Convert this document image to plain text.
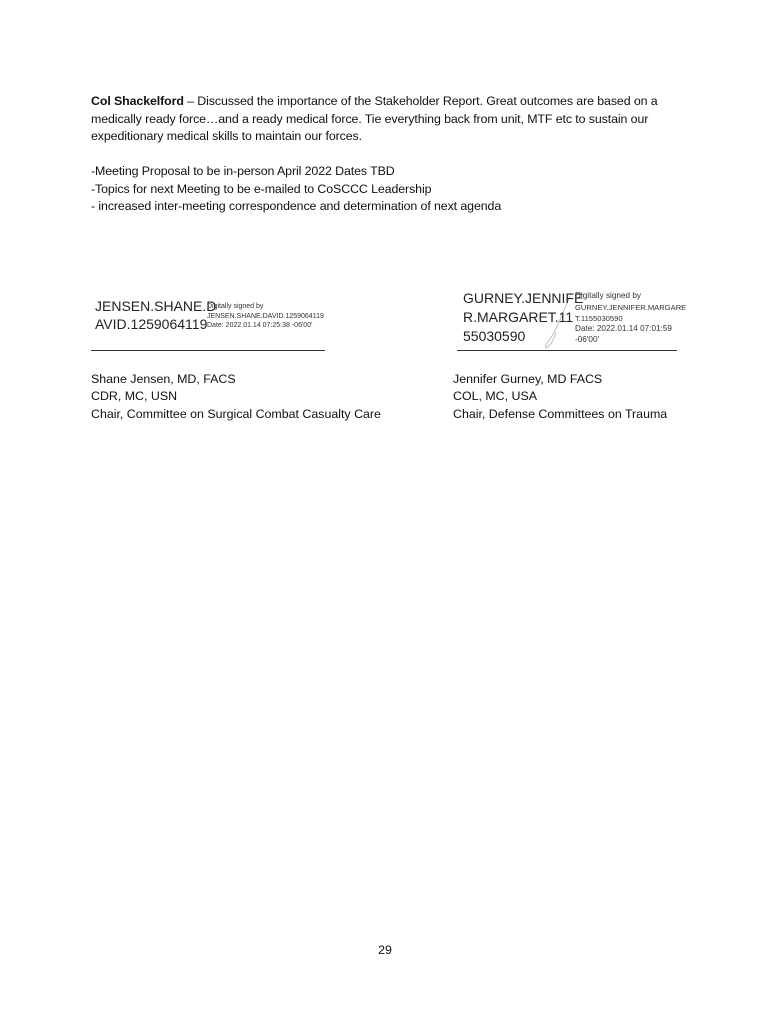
Col Shackelford – Discussed the importance of the Stakeholder Report. Great outcomes are based on a medically ready force…and a ready medical force. Tie everything back from unit, MTF etc to sustain our expeditionary medical skills to maintain our forces.
-Meeting Proposal to be in-person April 2022 Dates TBD
-Topics for next Meeting to be e-mailed to CoSCCC Leadership
- increased inter-meeting correspondence and determination of next agenda
JENSEN.SHANE.D
AVID.1259064119
Digitally signed by
JENSEN.SHANE.DAVID.1259064119
Date: 2022.01.14 07:25:38 -06'00'
GURNEY.JENNIFE
R.MARGARET.11
55030590
Digitally signed by
GURNEY.JENNIFER.MARGARE
T.1155030590
Date: 2022.01.14 07:01:59
-06'00'
Shane Jensen, MD, FACS
CDR, MC, USN
Chair, Committee on Surgical Combat Casualty Care
Jennifer Gurney, MD FACS
COL, MC, USA
Chair, Defense Committees on Trauma
29
